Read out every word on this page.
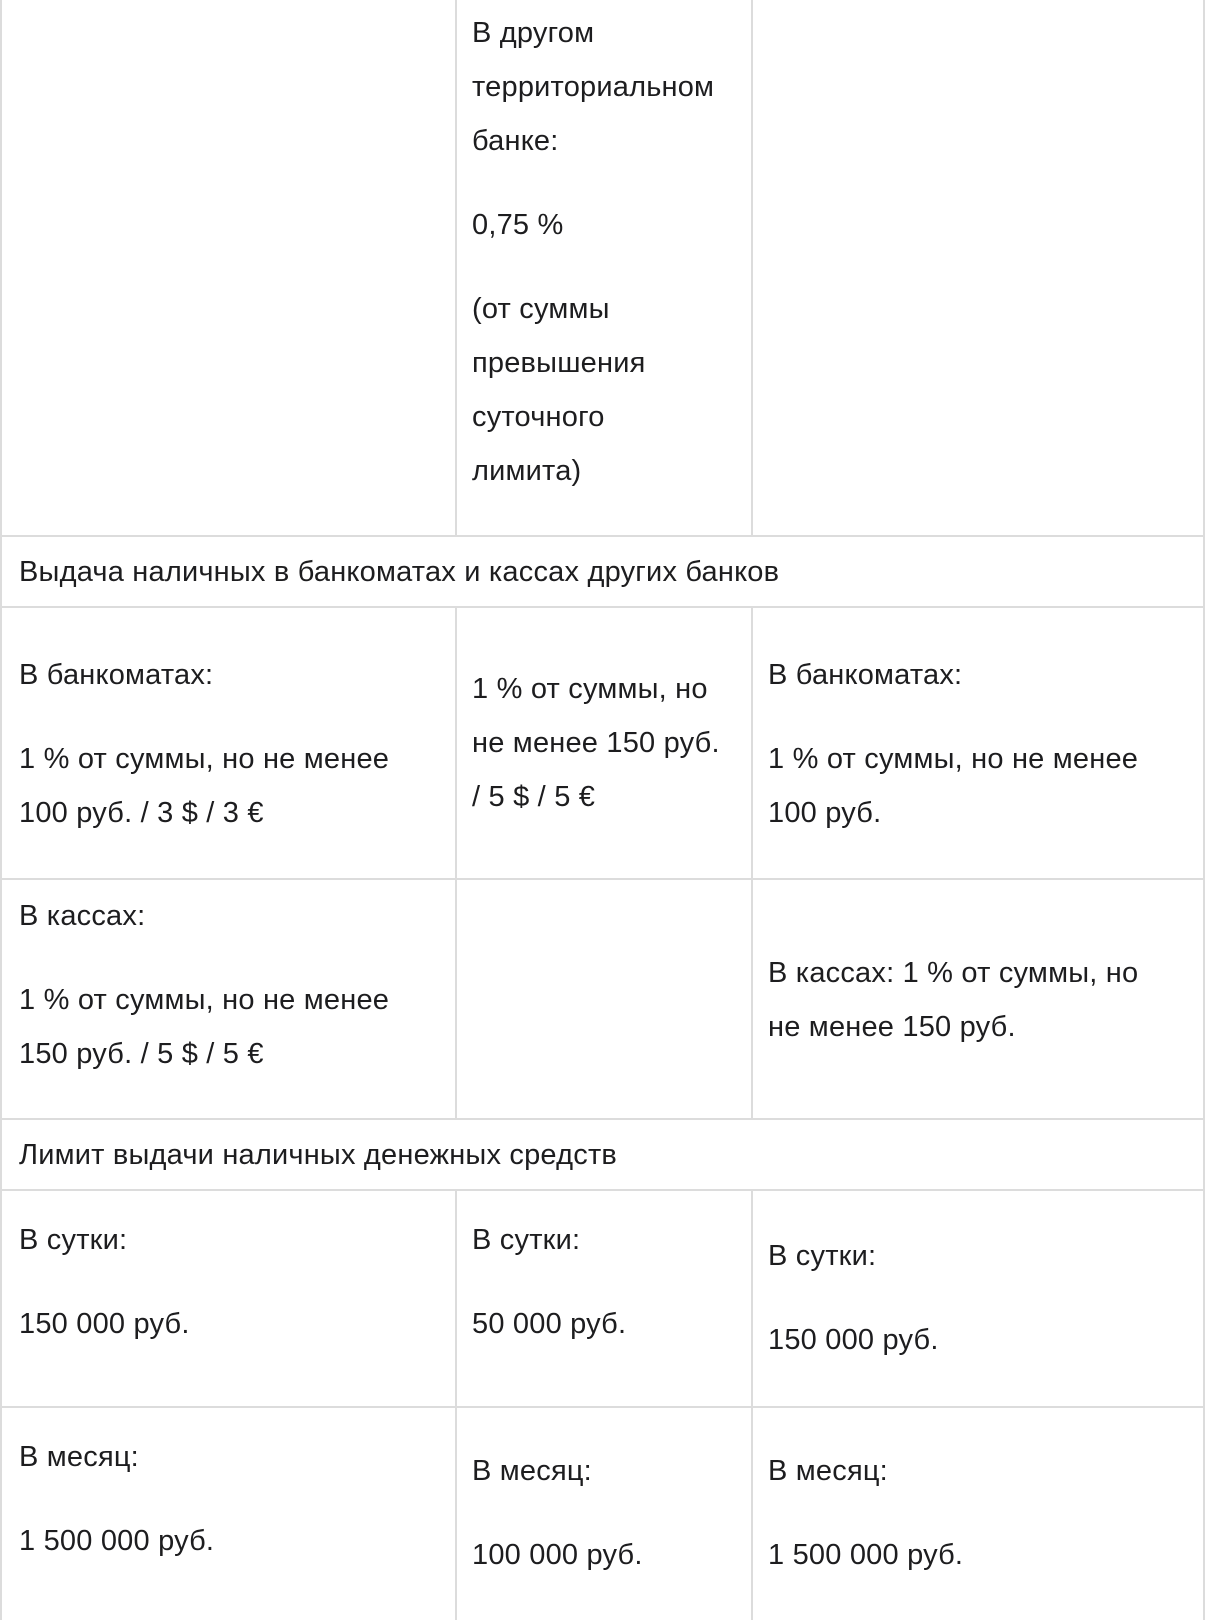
В другом

территориальном

банке:

0,75 %

(от суммы

превышения

суточного

лимита)

Выдача наличных в банкоматах и кассах других банков

В банкоматах:

1 % от суммы, но не менее

100 руб. / 3 $ / 3 €

1 % от суммы, но

не менее 150 руб.

/ 5 $ / 5 €

В банкоматах:

1 % от суммы, но не менее

100 руб.

В кассах:

1 % от суммы, но не менее

150 руб. / 5 $ / 5 €

В кассах: 1 % от суммы, но

не менее 150 руб.

Лимит выдачи наличных денежных средств

В сутки:

150 000 руб.

В сутки:

50 000 руб.

В сутки:

150 000 руб.

В месяц:

1 500 000 руб.

В месяц:

100 000 руб.

В месяц:

1 500 000 руб.
